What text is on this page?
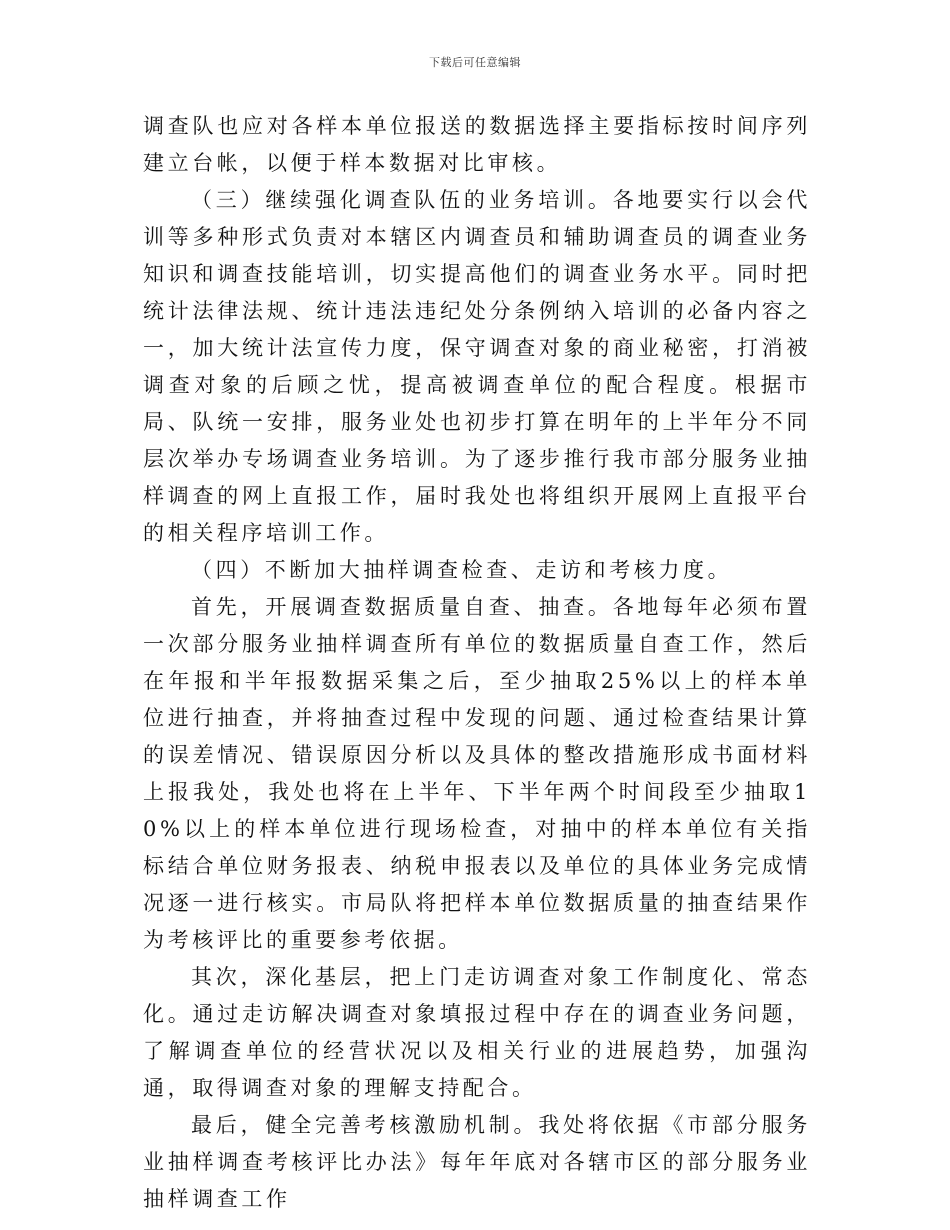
下载后可任意编辑

调查队也应对各样本单位报送的数据选择主要指标按时间序列建立台帐，以便于样本数据对比审核。

（三）继续强化调查队伍的业务培训。各地要实行以会代训等多种形式负责对本辖区内调查员和辅助调查员的调查业务知识和调查技能培训，切实提高他们的调查业务水平。同时把统计法律法规、统计违法违纪处分条例纳入培训的必备内容之一，加大统计法宣传力度，保守调查对象的商业秘密，打消被调查对象的后顾之忧，提高被调查单位的配合程度。根据市局、队统一安排，服务业处也初步打算在明年的上半年分不同层次举办专场调查业务培训。为了逐步推行我市部分服务业抽样调查的网上直报工作，届时我处也将组织开展网上直报平台的相关程序培训工作。

（四）不断加大抽样调查检查、走访和考核力度。

首先，开展调查数据质量自查、抽查。各地每年必须布置一次部分服务业抽样调查所有单位的数据质量自查工作，然后在年报和半年报数据采集之后，至少抽取25%以上的样本单位进行抽查，并将抽查过程中发现的问题、通过检查结果计算的误差情况、错误原因分析以及具体的整改措施形成书面材料上报我处，我处也将在上半年、下半年两个时间段至少抽取10%以上的样本单位进行现场检查，对抽中的样本单位有关指标结合单位财务报表、纳税申报表以及单位的具体业务完成情况逐一进行核实。市局队将把样本单位数据质量的抽查结果作为考核评比的重要参考依据。

其次，深化基层，把上门走访调查对象工作制度化、常态化。通过走访解决调查对象填报过程中存在的调查业务问题，了解调查单位的经营状况以及相关行业的进展趋势，加强沟通，取得调查对象的理解支持配合。

最后，健全完善考核激励机制。我处将依据《市部分服务业抽样调查考核评比办法》每年年底对各辖市区的部分服务业抽样调查工作
